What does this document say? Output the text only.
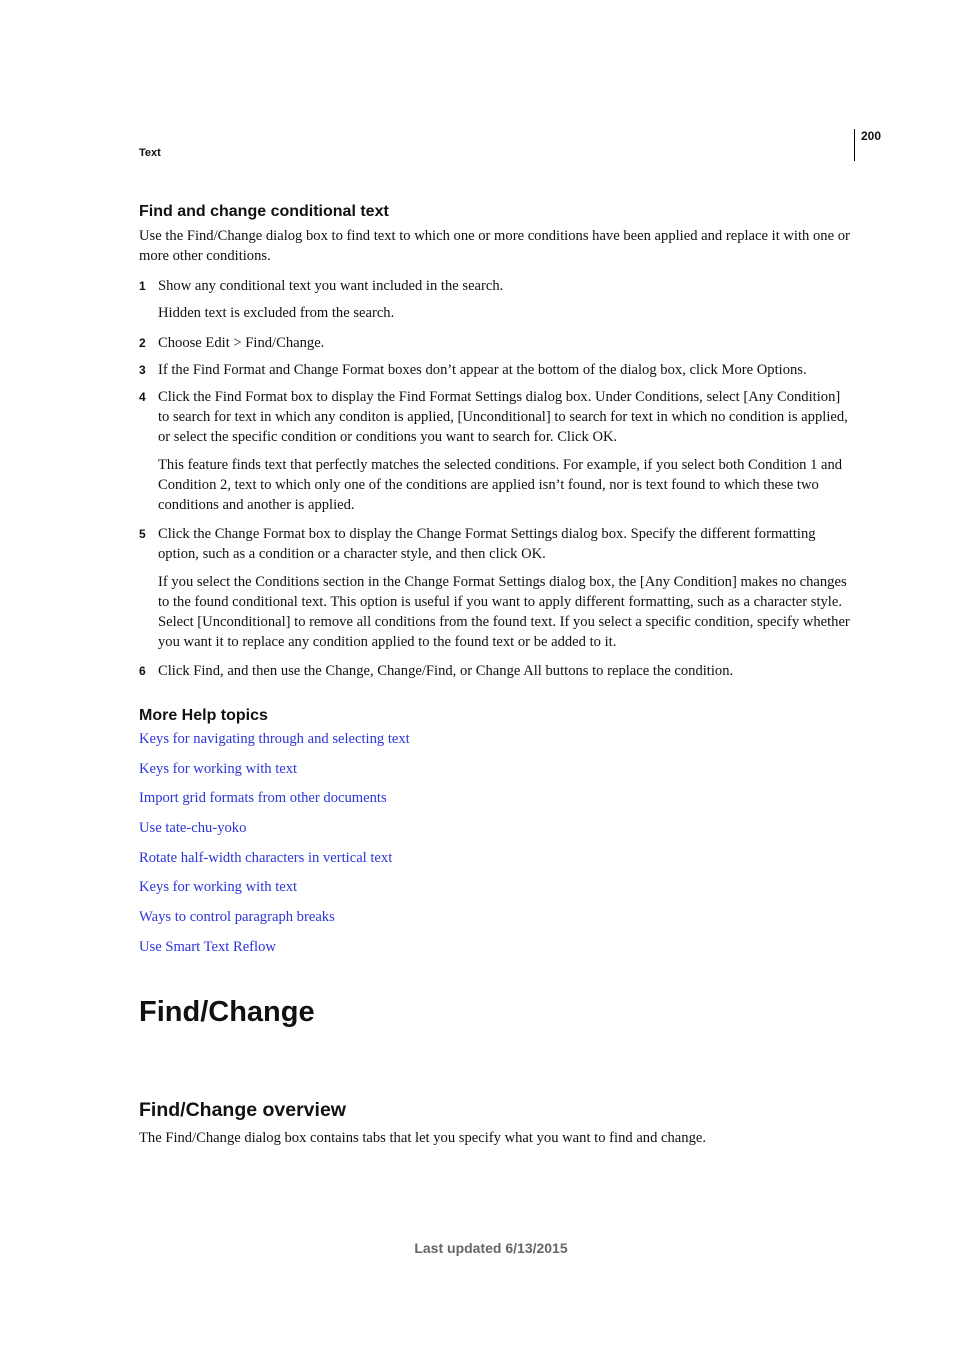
200
Text
Find and change conditional text
Use the Find/Change dialog box to find text to which one or more conditions have been applied and replace it with one or more other conditions.
1 Show any conditional text you want included in the search.
Hidden text is excluded from the search.
2 Choose Edit > Find/Change.
3 If the Find Format and Change Format boxes don’t appear at the bottom of the dialog box, click More Options.
4 Click the Find Format box to display the Find Format Settings dialog box. Under Conditions, select [Any Condition] to search for text in which any conditon is applied, [Unconditional] to search for text in which no condition is applied, or select the specific condition or conditions you want to search for. Click OK.
This feature finds text that perfectly matches the selected conditions. For example, if you select both Condition 1 and Condition 2, text to which only one of the conditions are applied isn’t found, nor is text found to which these two conditions and another is applied.
5 Click the Change Format box to display the Change Format Settings dialog box. Specify the different formatting option, such as a condition or a character style, and then click OK.
If you select the Conditions section in the Change Format Settings dialog box, the [Any Condition] makes no changes to the found conditional text. This option is useful if you want to apply different formatting, such as a character style. Select [Unconditional] to remove all conditions from the found text. If you select a specific condition, specify whether you want it to replace any condition applied to the found text or be added to it.
6 Click Find, and then use the Change, Change/Find, or Change All buttons to replace the condition.
More Help topics
Keys for navigating through and selecting text
Keys for working with text
Import grid formats from other documents
Use tate-chu-yoko
Rotate half-width characters in vertical text
Keys for working with text
Ways to control paragraph breaks
Use Smart Text Reflow
Find/Change
Find/Change overview
The Find/Change dialog box contains tabs that let you specify what you want to find and change.
Last updated 6/13/2015
